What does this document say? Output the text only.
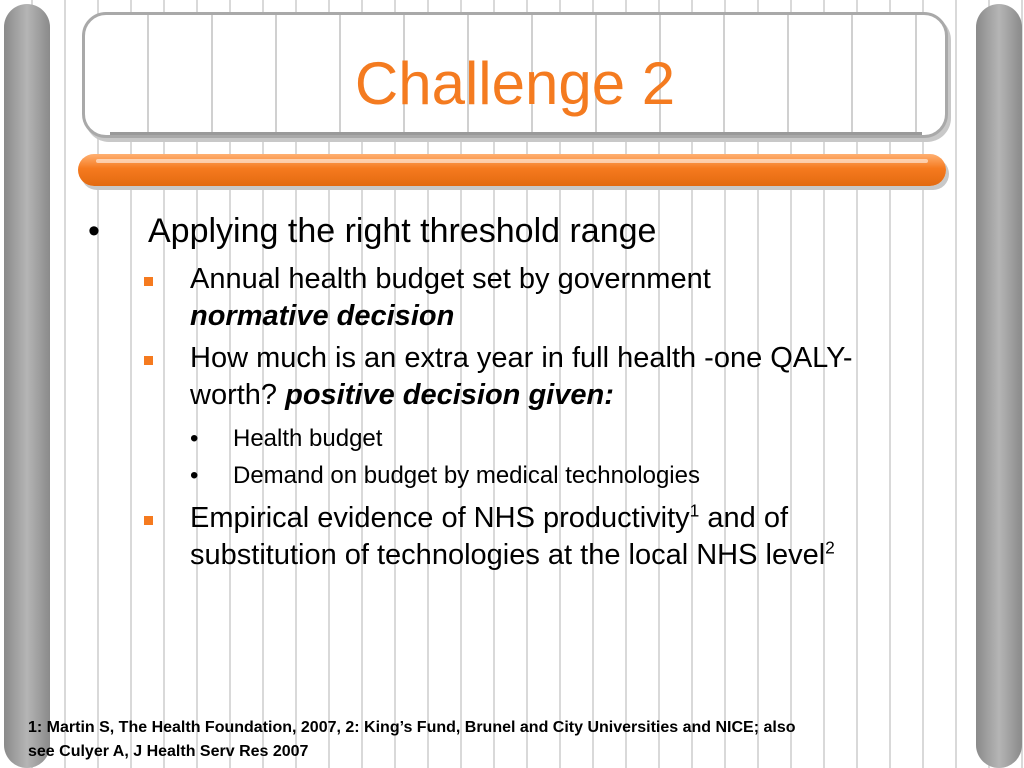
Challenge 2
• Applying the right threshold range
Annual health budget set by government
normative decision
How much is an extra year in full health -one QALY-
worth? positive decision given:
• Health budget
• Demand on budget by medical technologies
Empirical evidence of NHS productivity$^1$ and of
substitution of technologies at the local NHS level$^2$
1: Martin S, The Health Foundation, 2007, 2: King’s Fund, Brunel and City Universities and NICE; also
see Culyer A, J Health Serv Res 2007
